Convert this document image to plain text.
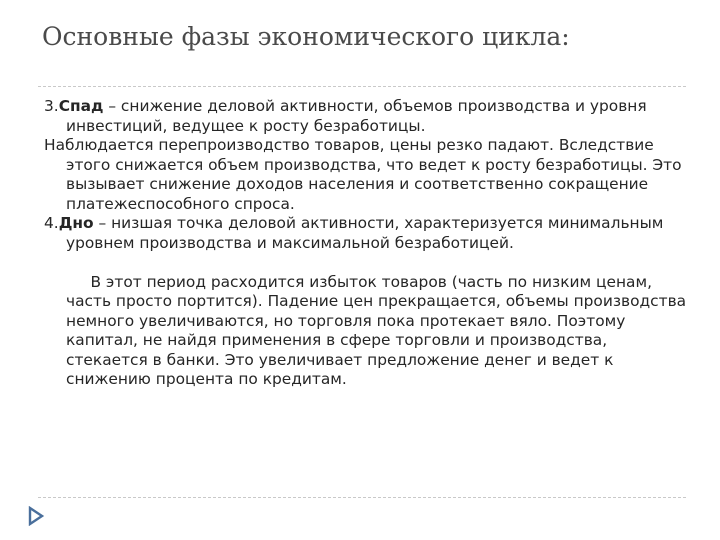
Основные фазы экономического цикла:

3.Спад – снижение деловой активности, объемов производства и уровня инвестиций, ведущее к росту безработицы.

Наблюдается перепроизводство товаров, цены резко падают. Вследствие этого снижается объем производства, что ведет к росту безработицы. Это вызывает снижение доходов населения и соответственно сокращение платежеспособного спроса.

4.Дно – низшая точка деловой активности, характеризуется минимальным уровнем производства и максимальной безработицей.

В этот период расходится избыток товаров (часть по низким ценам, часть просто портится). Падение цен прекращается, объемы производства немного увеличиваются, но торговля пока протекает вяло. Поэтому капитал, не найдя применения в сфере торговли и производства, стекается в банки. Это увеличивает предложение денег и ведет к снижению процента по кредитам.
